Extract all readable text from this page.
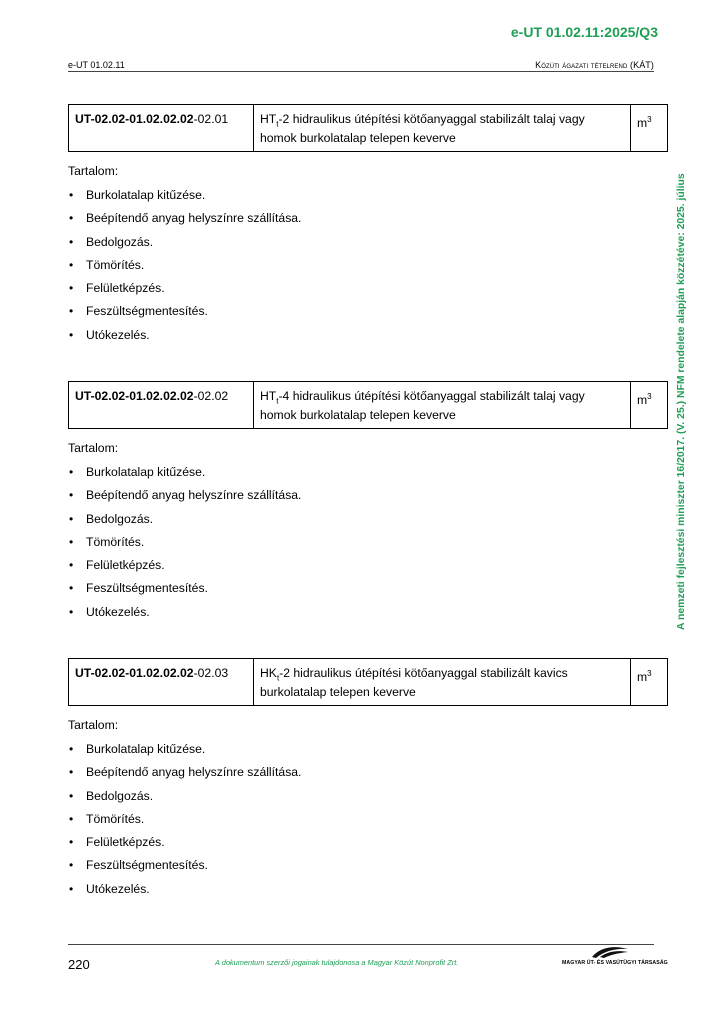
e-UT 01.02.11:2025/Q3
e-UT 01.02.11	Közúti ágazati tételrend (KÁT)
A nemzeti fejlesztési miniszter 16/2017. (V. 25.) NFM rendelete alapján közzétéve: 2025. július
UT-02.02-01.02.02.02-02.01	$HT_t-2$ hidraulikus útépítési kötőanyaggal stabilizált talaj vagy homok burkolatalap telepen keverve	$m^3$

Tartalom:

• Burkolatalap kitűzése.
• Beépítendő anyag helyszínre szállítása.
• Bedolgozás.
• Tömörítés.
• Felületképzés.
• Feszültségmentesítés.
• Utókezelés.
UT-02.02-01.02.02.02-02.02	$HT_t-4$ hidraulikus útépítési kötőanyaggal stabilizált talaj vagy homok burkolatalap telepen keverve	$m^3$

Tartalom:

• Burkolatalap kitűzése.
• Beépítendő anyag helyszínre szállítása.
• Bedolgozás.
• Tömörítés.
• Felületképzés.
• Feszültségmentesítés.
• Utókezelés.
UT-02.02-01.02.02.02-02.03	$HK_t-2$ hidraulikus útépítési kötőanyaggal stabilizált kavics burkolatalap telepen keverve	$m^3$

Tartalom:

• Burkolatalap kitűzése.
• Beépítendő anyag helyszínre szállítása.
• Bedolgozás.
• Tömörítés.
• Felületképzés.
• Feszültségmentesítés.
• Utókezelés.
220	A dokumentum szerzői jogainak tulajdonosa a Magyar Közút Nonprofit Zrt.	MAGYAR ÚT- ÉS VASÚTÜGYI TÁRSASÁG
